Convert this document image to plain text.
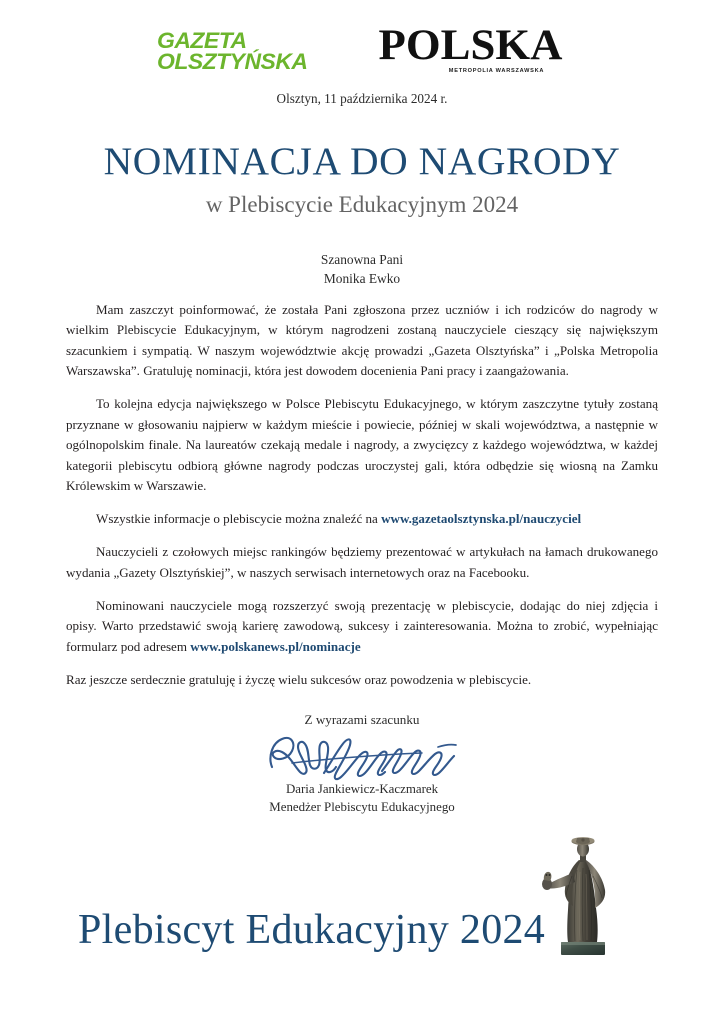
GAZETA
OLSZTYŃSKA	POLSKA
METROPOLIA WARSZAWSKA
Olsztyn, 11 października 2024 r.
NOMINACJA DO NAGRODY
w Plebiscycie Edukacyjnym 2024
Szanowna Pani
Monika Ewko

Mam zaszczyt poinformować, że została Pani zgłoszona przez uczniów i ich rodziców do nagrody w wielkim Plebiscycie Edukacyjnym, w którym nagrodzeni zostaną nauczyciele cieszący się największym szacunkiem i sympatią. W naszym województwie akcję prowadzi „Gazeta Olsztyńska” i „Polska Metropolia Warszawska”. Gratuluję nominacji, która jest dowodem docenienia Pani pracy i zaangażowania.

To kolejna edycja największego w Polsce Plebiscytu Edukacyjnego, w którym zaszczytne tytuły zostaną przyznane w głosowaniu najpierw w każdym mieście i powiecie, później w skali województwa, a następnie w ogólnopolskim finale. Na laureatów czekają medale i nagrody, a zwycięzcy z każdego województwa, w każdej kategorii plebiscytu odbiorą główne nagrody podczas uroczystej gali, która odbędzie się wiosną na Zamku Królewskim w Warszawie.

Wszystkie informacje o plebiscycie można znaleźć na www.gazetaolsztynska.pl/nauczyciel

Nauczycieli z czołowych miejsc rankingów będziemy prezentować w artykułach na łamach drukowanego wydania „Gazety Olsztyńskiej”, w naszych serwisach internetowych oraz na Facebooku.

Nominowani nauczyciele mogą rozszerzyć swoją prezentację w plebiscycie, dodając do niej zdjęcia i opisy. Warto przedstawić swoją karierę zawodową, sukcesy i zainteresowania. Można to zrobić, wypełniając formularz pod adresem www.polskanews.pl/nominacje

Raz jeszcze serdecznie gratuluję i życzę wielu sukcesów oraz powodzenia w plebiscycie.

Z wyrazami szacunku
Daria Jankiewicz-Kaczmarek
Menedżer Plebiscytu Edukacyjnego
Plebiscyt Edukacyjny 2024
